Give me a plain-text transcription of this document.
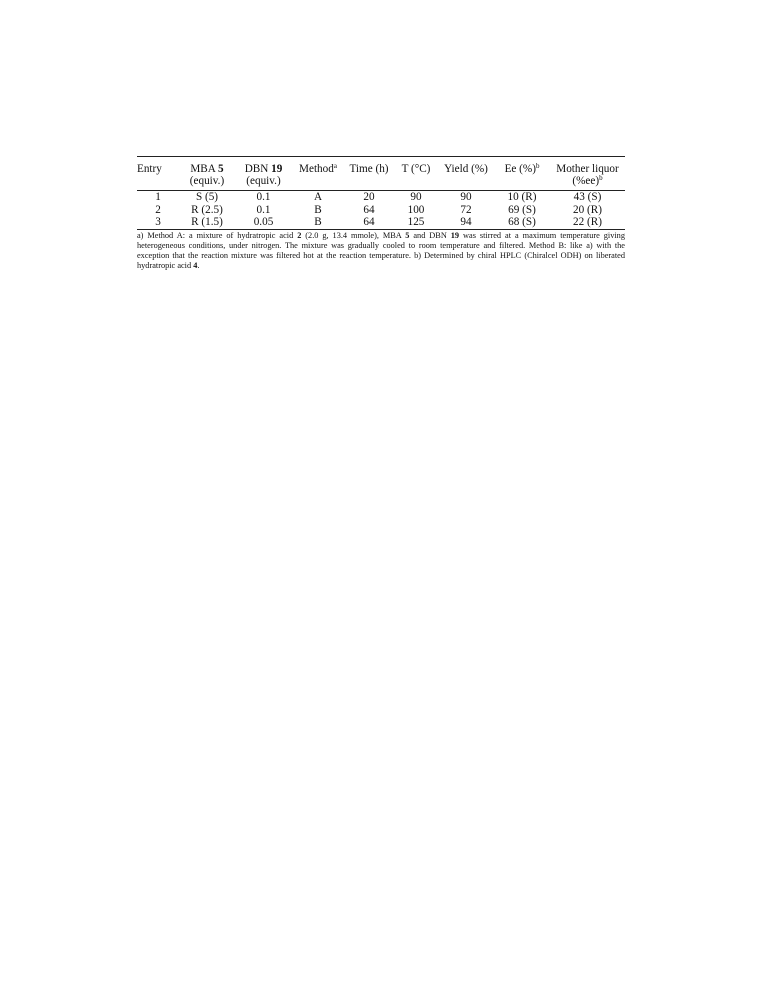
Entry	MBA 5	DBN 19	Method$^a$	Time (h)	T (°C)	Yield (%)	Ee (%)$^b$	Mother liquor
	(equiv.)	(equiv.)						$(\%ee)^b$
1	S (5)	0.1	A	20	90	90	10 (R)	43 (S)
2	R (2.5)	0.1	B	64	100	72	69 (S)	20 (R)
3	R (1.5)	0.05	B	64	125	94	68 (S)	22 (R)

a) Method A: a mixture of hydratropic acid 2 (2.0 g, 13.4 mmole), MBA 5 and DBN 19 was stirred at a maximum temperature giving heterogeneous conditions, under nitrogen. The mixture was gradually cooled to room temperature and filtered. Method B: like a) with the exception that the reaction mixture was filtered hot at the reaction temperature. b) Determined by chiral HPLC (Chiralcel ODH) on liberated hydratropic acid 4.
